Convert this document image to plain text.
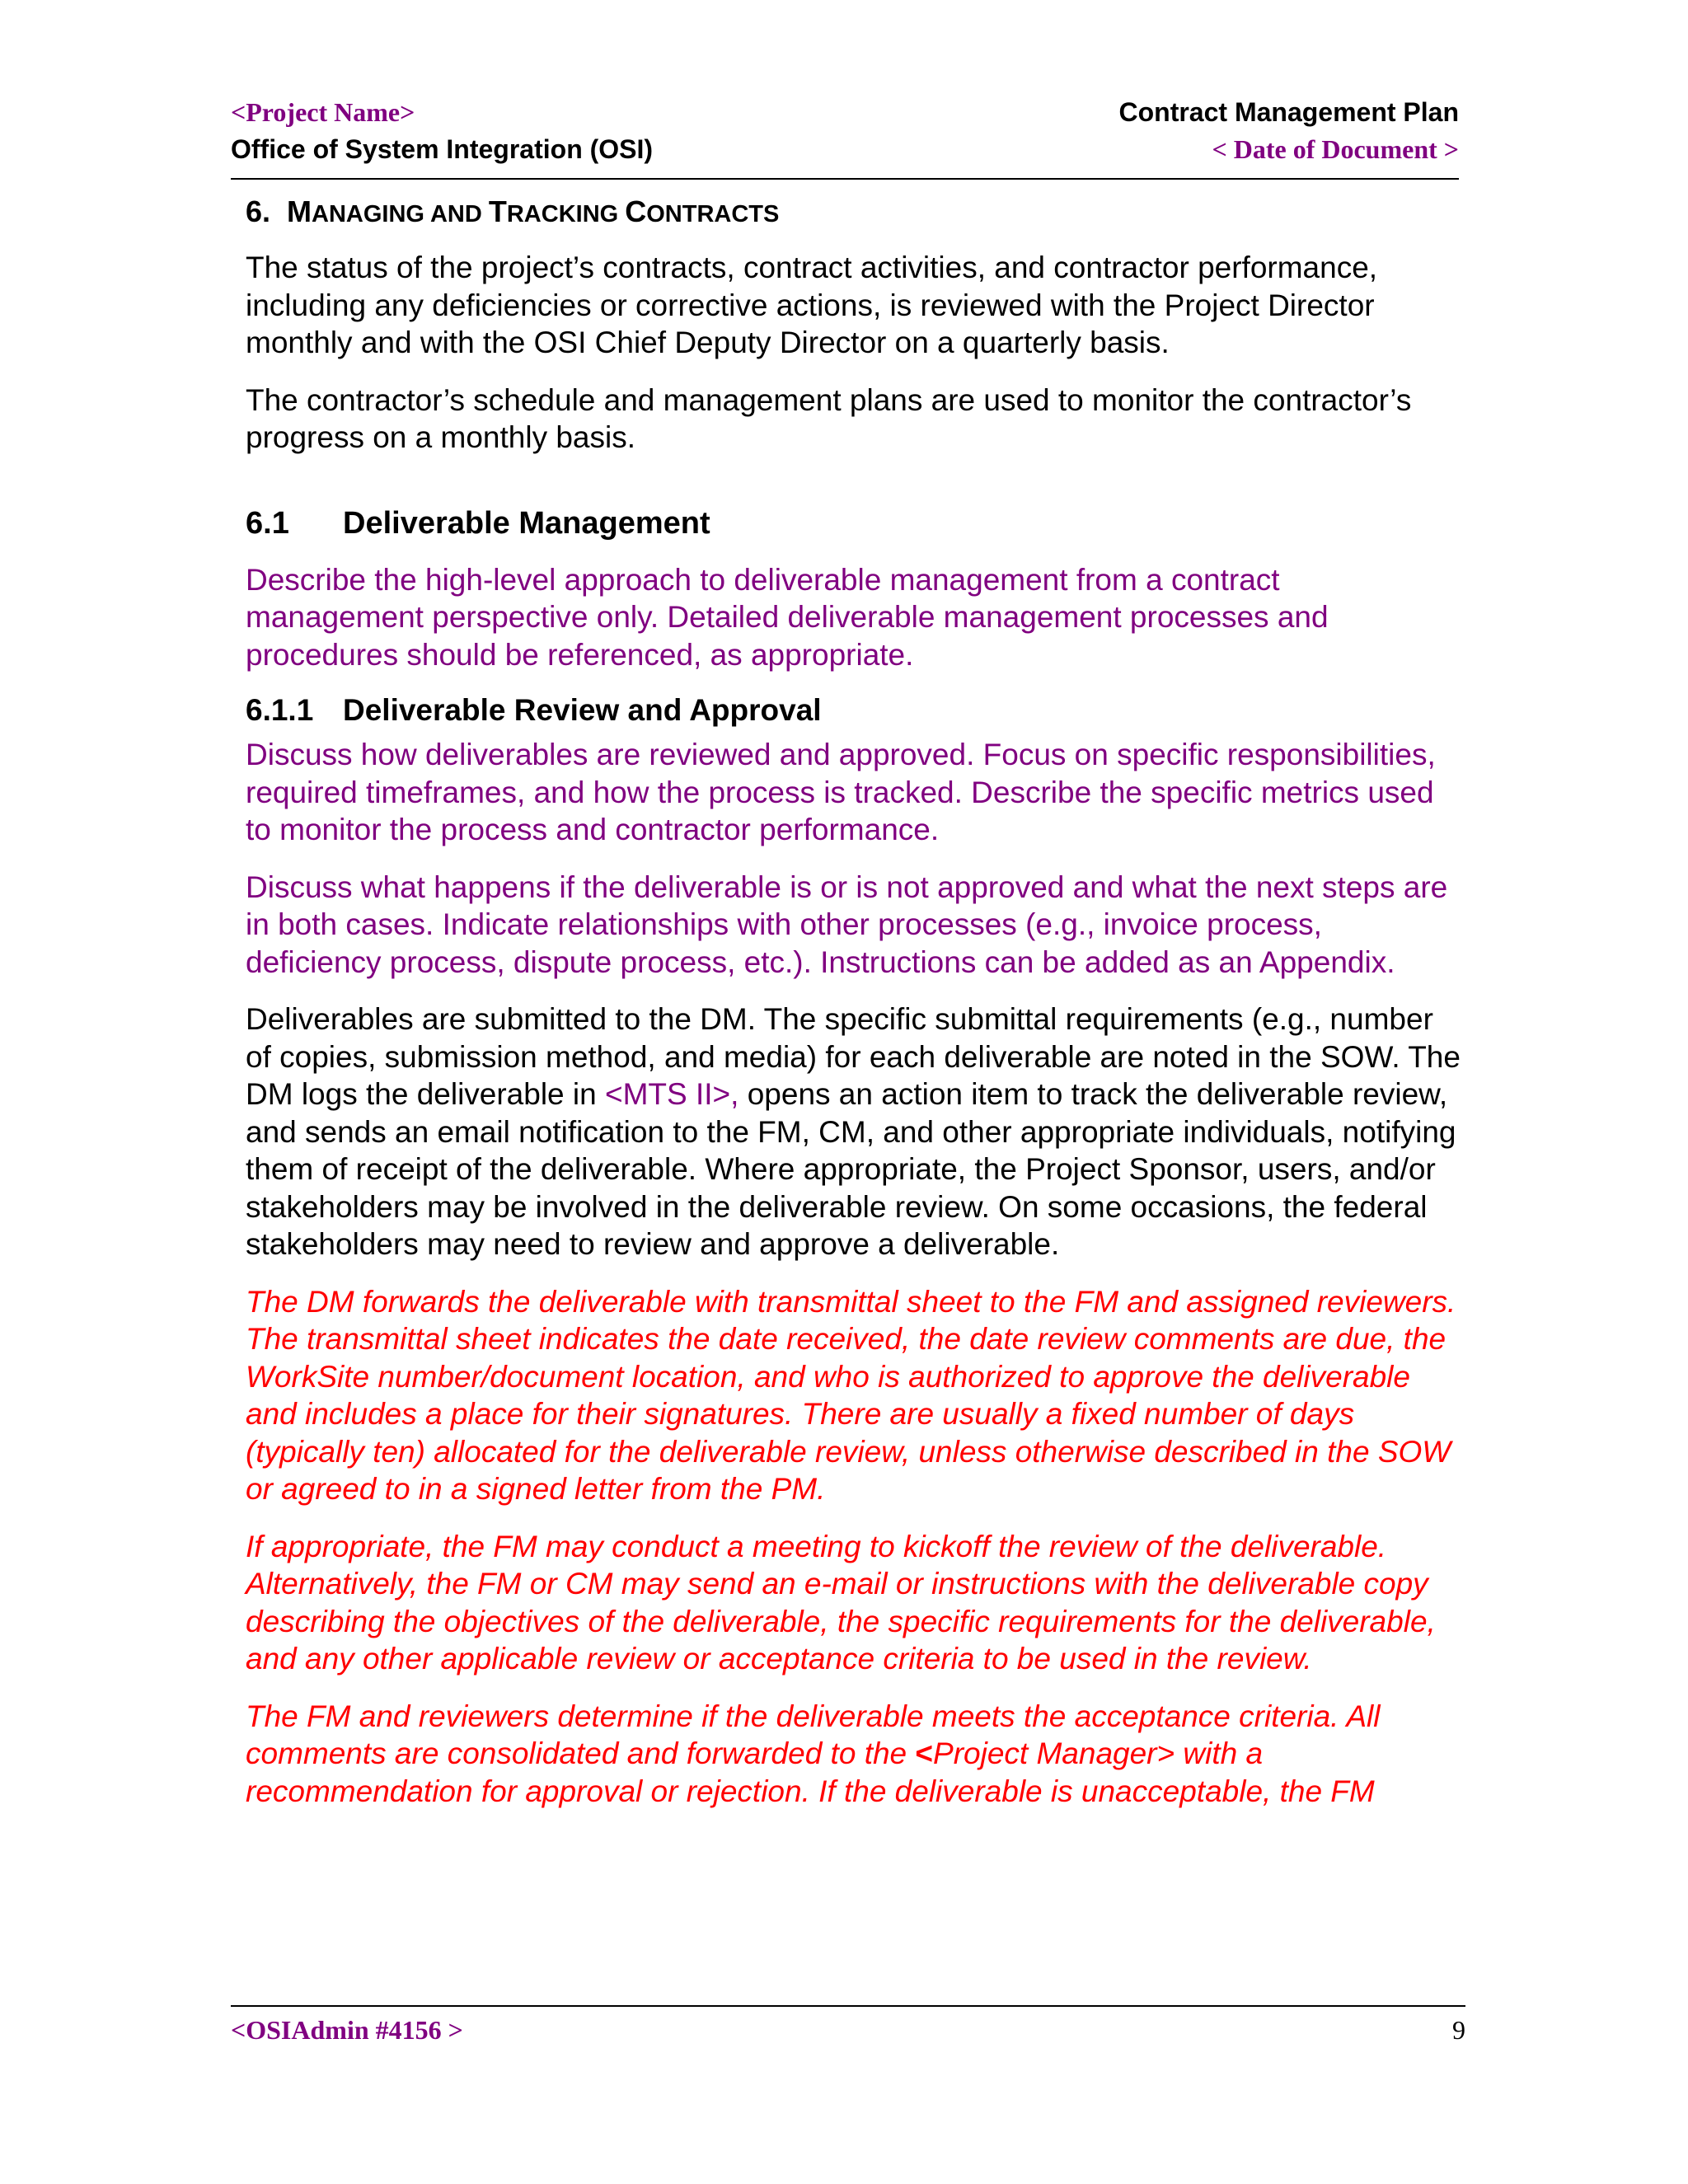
<Project Name>	Contract Management Plan
Office of System Integration (OSI)	< Date of Document >
6. MANAGING AND TRACKING CONTRACTS

The status of the project’s contracts, contract activities, and contractor performance, including any deficiencies or corrective actions, is reviewed with the Project Director monthly and with the OSI Chief Deputy Director on a quarterly basis.

The contractor’s schedule and management plans are used to monitor the contractor’s progress on a monthly basis.

6.1	Deliverable Management

Describe the high-level approach to deliverable management from a contract management perspective only. Detailed deliverable management processes and procedures should be referenced, as appropriate.

6.1.1 Deliverable Review and Approval

Discuss how deliverables are reviewed and approved. Focus on specific responsibilities, required timeframes, and how the process is tracked. Describe the specific metrics used to monitor the process and contractor performance.

Discuss what happens if the deliverable is or is not approved and what the next steps are in both cases. Indicate relationships with other processes (e.g., invoice process, deficiency process, dispute process, etc.). Instructions can be added as an Appendix.

Deliverables are submitted to the DM. The specific submittal requirements (e.g., number of copies, submission method, and media) for each deliverable are noted in the SOW. The DM logs the deliverable in <MTS II>, opens an action item to track the deliverable review, and sends an email notification to the FM, CM, and other appropriate individuals, notifying them of receipt of the deliverable. Where appropriate, the Project Sponsor, users, and/or stakeholders may be involved in the deliverable review. On some occasions, the federal stakeholders may need to review and approve a deliverable.

The DM forwards the deliverable with transmittal sheet to the FM and assigned reviewers. The transmittal sheet indicates the date received, the date review comments are due, the WorkSite number/document location, and who is authorized to approve the deliverable and includes a place for their signatures. There are usually a fixed number of days (typically ten) allocated for the deliverable review, unless otherwise described in the SOW or agreed to in a signed letter from the PM.

If appropriate, the FM may conduct a meeting to kickoff the review of the deliverable. Alternatively, the FM or CM may send an e-mail or instructions with the deliverable copy describing the objectives of the deliverable, the specific requirements for the deliverable, and any other applicable review or acceptance criteria to be used in the review.

The FM and reviewers determine if the deliverable meets the acceptance criteria. All comments are consolidated and forwarded to the <Project Manager> with a recommendation for approval or rejection. If the deliverable is unacceptable, the FM

<OSIAdmin #4156 >	9
